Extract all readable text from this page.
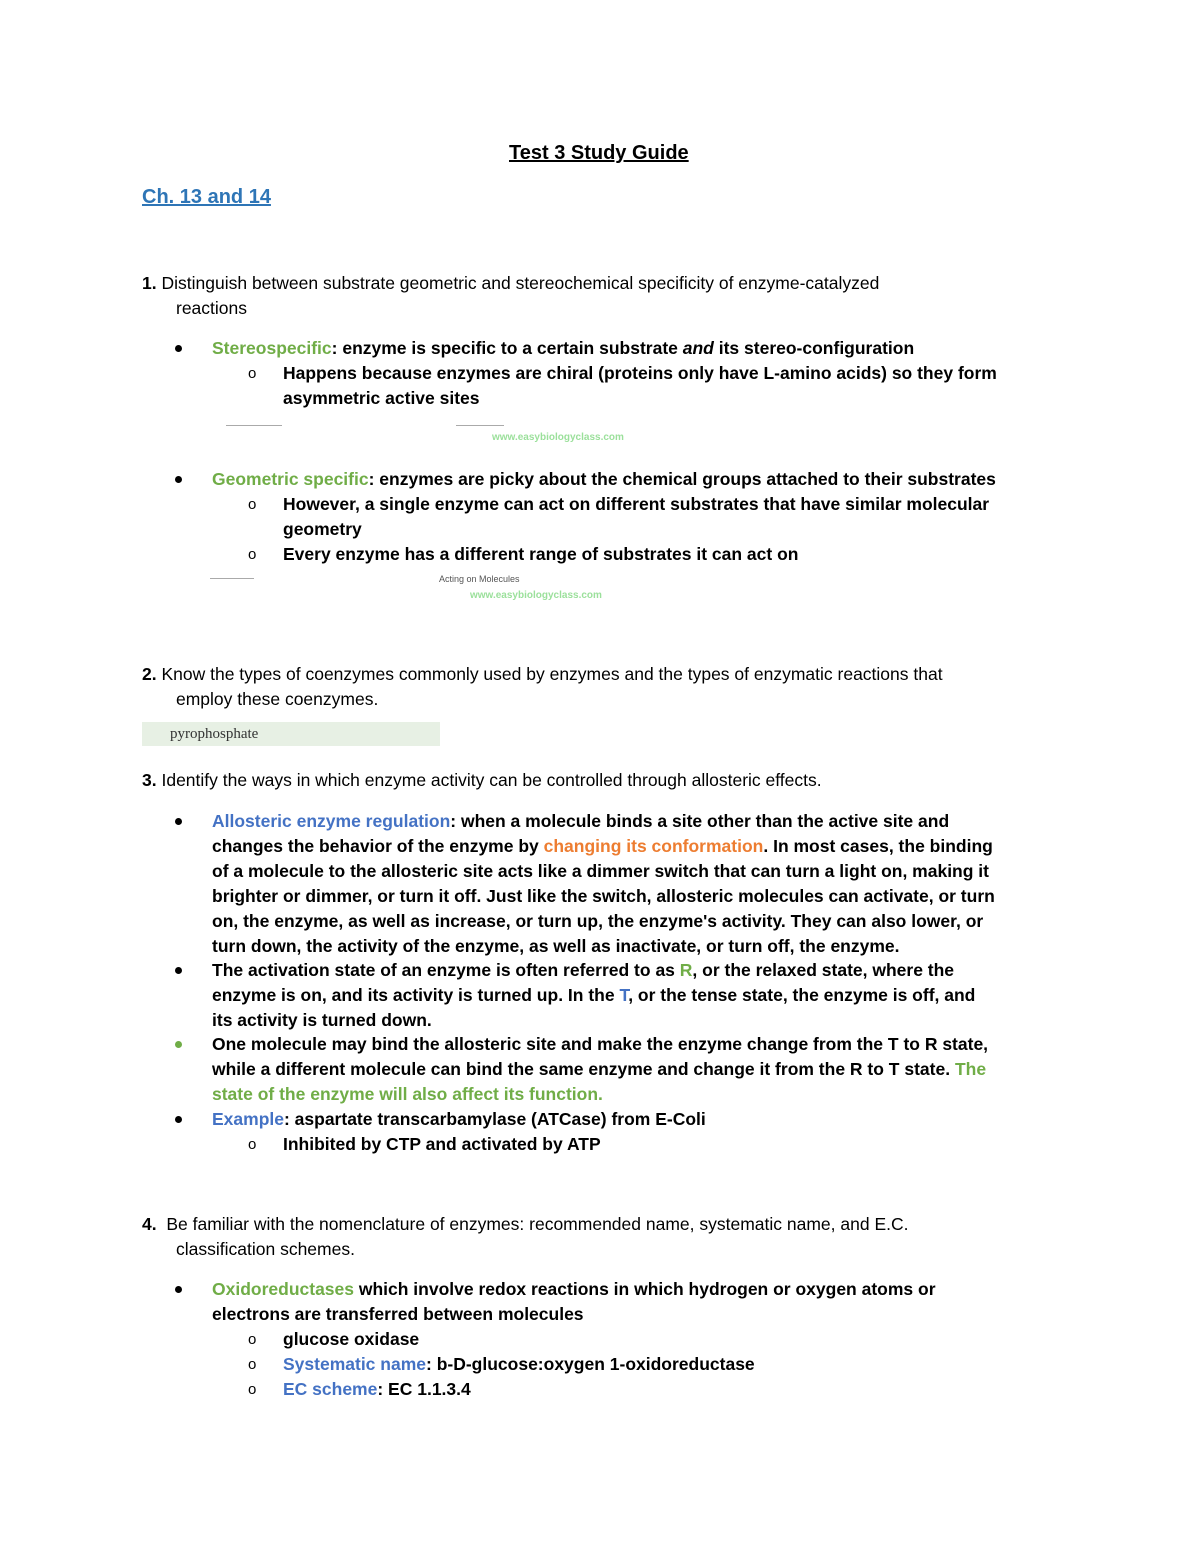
Test 3 Study Guide
Ch. 13 and 14
1. Distinguish between substrate geometric and stereochemical specificity of enzyme-catalyzed
reactions
Stereospecific: enzyme is specific to a certain substrate and its stereo-configuration
o Happens because enzymes are chiral (proteins only have L-amino acids) so they form
asymmetric active sites
www.easybiologyclass.com
Geometric specific: enzymes are picky about the chemical groups attached to their substrates
o However, a single enzyme can act on different substrates that have similar molecular
geometry
o Every enzyme has a different range of substrates it can act on
Acting on Molecules
www.easybiologyclass.com
2. Know the types of coenzymes commonly used by enzymes and the types of enzymatic reactions that
employ these coenzymes.
pyrophosphate
3. Identify the ways in which enzyme activity can be controlled through allosteric effects.
Allosteric enzyme regulation: when a molecule binds a site other than the active site and
changes the behavior of the enzyme by changing its conformation. In most cases, the binding
of a molecule to the allosteric site acts like a dimmer switch that can turn a light on, making it
brighter or dimmer, or turn it off. Just like the switch, allosteric molecules can activate, or turn
on, the enzyme, as well as increase, or turn up, the enzyme's activity. They can also lower, or
turn down, the activity of the enzyme, as well as inactivate, or turn off, the enzyme.
The activation state of an enzyme is often referred to as R, or the relaxed state, where the
enzyme is on, and its activity is turned up. In the T, or the tense state, the enzyme is off, and
its activity is turned down.
One molecule may bind the allosteric site and make the enzyme change from the T to R state,
while a different molecule can bind the same enzyme and change it from the R to T state. The
state of the enzyme will also affect its function.
Example: aspartate transcarbamylase (ATCase) from E-Coli
o Inhibited by CTP and activated by ATP
4. Be familiar with the nomenclature of enzymes: recommended name, systematic name, and E.C.
classification schemes.
Oxidoreductases which involve redox reactions in which hydrogen or oxygen atoms or
electrons are transferred between molecules
o glucose oxidase
o Systematic name: b-D-glucose:oxygen 1-oxidoreductase
o EC scheme: EC 1.1.3.4
